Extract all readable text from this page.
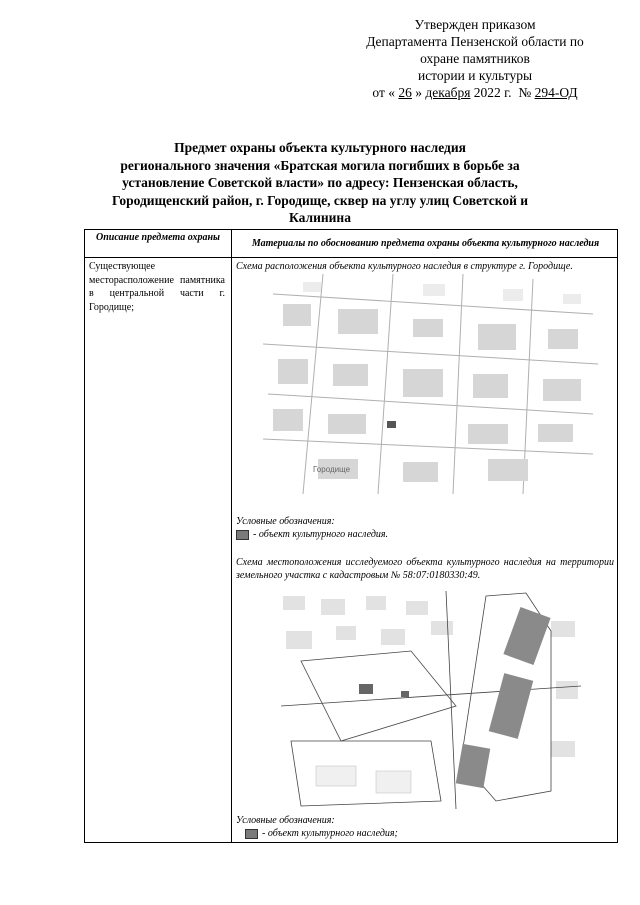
Утвержден приказом
Департамента Пензенской области по
охране памятников
истории и культуры
от « 26 » декабря 2022 г. № 294-ОД
Предмет охраны объекта культурного наследия
регионального значения «Братская могила погибших в борьбе за
установление Советской власти» по адресу: Пензенская область,
Городищенский район, г. Городище, сквер на углу улиц Советской и
Калинина
Описание предмета охраны
Материалы по обоснованию предмета охраны объекта культурного наследия
Существующее месторасположение памятника в центральной части г. Городище;
Схема расположения объекта культурного наследия в структуре г. Городище.
Городище
Условные обозначения:
- объект культурного наследия.
Схема местоположения исследуемого объекта культурного наследия на территории земельного участка с кадастровым № 58:07:0180330:49.
Условные обозначения:
- объект культурного наследия;
